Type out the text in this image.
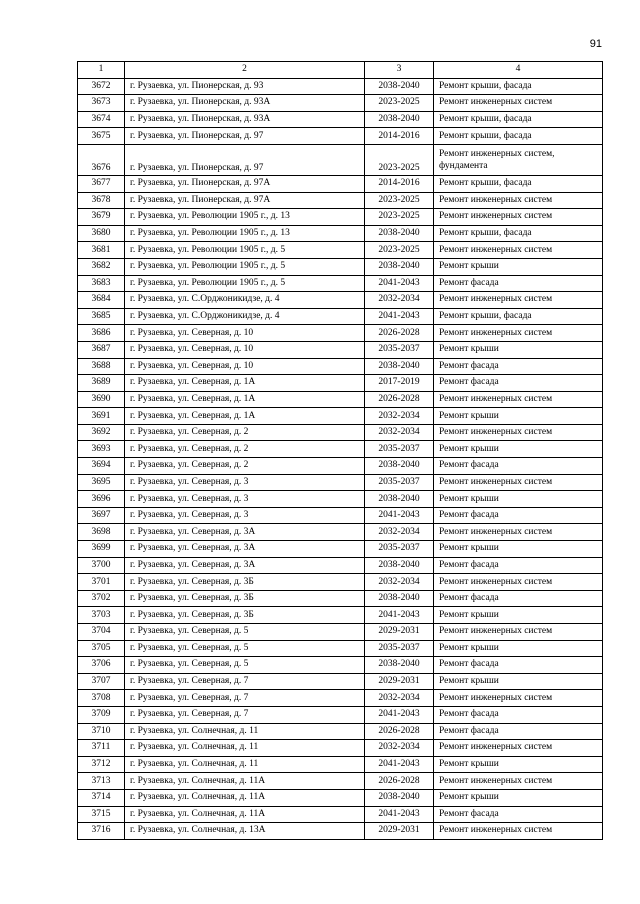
91
1	2	3	4
3672	г. Рузаевка, ул. Пионерская, д. 93	2038-2040	Ремонт крыши, фасада
3673	г. Рузаевка, ул. Пионерская, д. 93А	2023-2025	Ремонт инженерных систем
3674	г. Рузаевка, ул. Пионерская, д. 93А	2038-2040	Ремонт крыши, фасада
3675	г. Рузаевка, ул. Пионерская, д. 97	2014-2016	Ремонт крыши, фасада
3676	г. Рузаевка, ул. Пионерская, д. 97	2023-2025	Ремонт инженерных систем, фундамента
3677	г. Рузаевка, ул. Пионерская, д. 97А	2014-2016	Ремонт крыши, фасада
3678	г. Рузаевка, ул. Пионерская, д. 97А	2023-2025	Ремонт инженерных систем
3679	г. Рузаевка, ул. Революции 1905 г., д. 13	2023-2025	Ремонт инженерных систем
3680	г. Рузаевка, ул. Революции 1905 г., д. 13	2038-2040	Ремонт крыши, фасада
3681	г. Рузаевка, ул. Революции 1905 г., д. 5	2023-2025	Ремонт инженерных систем
3682	г. Рузаевка, ул. Революции 1905 г., д. 5	2038-2040	Ремонт крыши
3683	г. Рузаевка, ул. Революции 1905 г., д. 5	2041-2043	Ремонт фасада
3684	г. Рузаевка, ул. С.Орджоникидзе, д. 4	2032-2034	Ремонт инженерных систем
3685	г. Рузаевка, ул. С.Орджоникидзе, д. 4	2041-2043	Ремонт крыши, фасада
3686	г. Рузаевка, ул. Северная, д. 10	2026-2028	Ремонт инженерных систем
3687	г. Рузаевка, ул. Северная, д. 10	2035-2037	Ремонт крыши
3688	г. Рузаевка, ул. Северная, д. 10	2038-2040	Ремонт фасада
3689	г. Рузаевка, ул. Северная, д. 1А	2017-2019	Ремонт фасада
3690	г. Рузаевка, ул. Северная, д. 1А	2026-2028	Ремонт инженерных систем
3691	г. Рузаевка, ул. Северная, д. 1А	2032-2034	Ремонт крыши
3692	г. Рузаевка, ул. Северная, д. 2	2032-2034	Ремонт инженерных систем
3693	г. Рузаевка, ул. Северная, д. 2	2035-2037	Ремонт крыши
3694	г. Рузаевка, ул. Северная, д. 2	2038-2040	Ремонт фасада
3695	г. Рузаевка, ул. Северная, д. 3	2035-2037	Ремонт инженерных систем
3696	г. Рузаевка, ул. Северная, д. 3	2038-2040	Ремонт крыши
3697	г. Рузаевка, ул. Северная, д. 3	2041-2043	Ремонт фасада
3698	г. Рузаевка, ул. Северная, д. 3А	2032-2034	Ремонт инженерных систем
3699	г. Рузаевка, ул. Северная, д. 3А	2035-2037	Ремонт крыши
3700	г. Рузаевка, ул. Северная, д. 3А	2038-2040	Ремонт фасада
3701	г. Рузаевка, ул. Северная, д. 3Б	2032-2034	Ремонт инженерных систем
3702	г. Рузаевка, ул. Северная, д. 3Б	2038-2040	Ремонт фасада
3703	г. Рузаевка, ул. Северная, д. 3Б	2041-2043	Ремонт крыши
3704	г. Рузаевка, ул. Северная, д. 5	2029-2031	Ремонт инженерных систем
3705	г. Рузаевка, ул. Северная, д. 5	2035-2037	Ремонт крыши
3706	г. Рузаевка, ул. Северная, д. 5	2038-2040	Ремонт фасада
3707	г. Рузаевка, ул. Северная, д. 7	2029-2031	Ремонт крыши
3708	г. Рузаевка, ул. Северная, д. 7	2032-2034	Ремонт инженерных систем
3709	г. Рузаевка, ул. Северная, д. 7	2041-2043	Ремонт фасада
3710	г. Рузаевка, ул. Солнечная, д. 11	2026-2028	Ремонт фасада
3711	г. Рузаевка, ул. Солнечная, д. 11	2032-2034	Ремонт инженерных систем
3712	г. Рузаевка, ул. Солнечная, д. 11	2041-2043	Ремонт крыши
3713	г. Рузаевка, ул. Солнечная, д. 11А	2026-2028	Ремонт инженерных систем
3714	г. Рузаевка, ул. Солнечная, д. 11А	2038-2040	Ремонт крыши
3715	г. Рузаевка, ул. Солнечная, д. 11А	2041-2043	Ремонт фасада
3716	г. Рузаевка, ул. Солнечная, д. 13А	2029-2031	Ремонт инженерных систем
